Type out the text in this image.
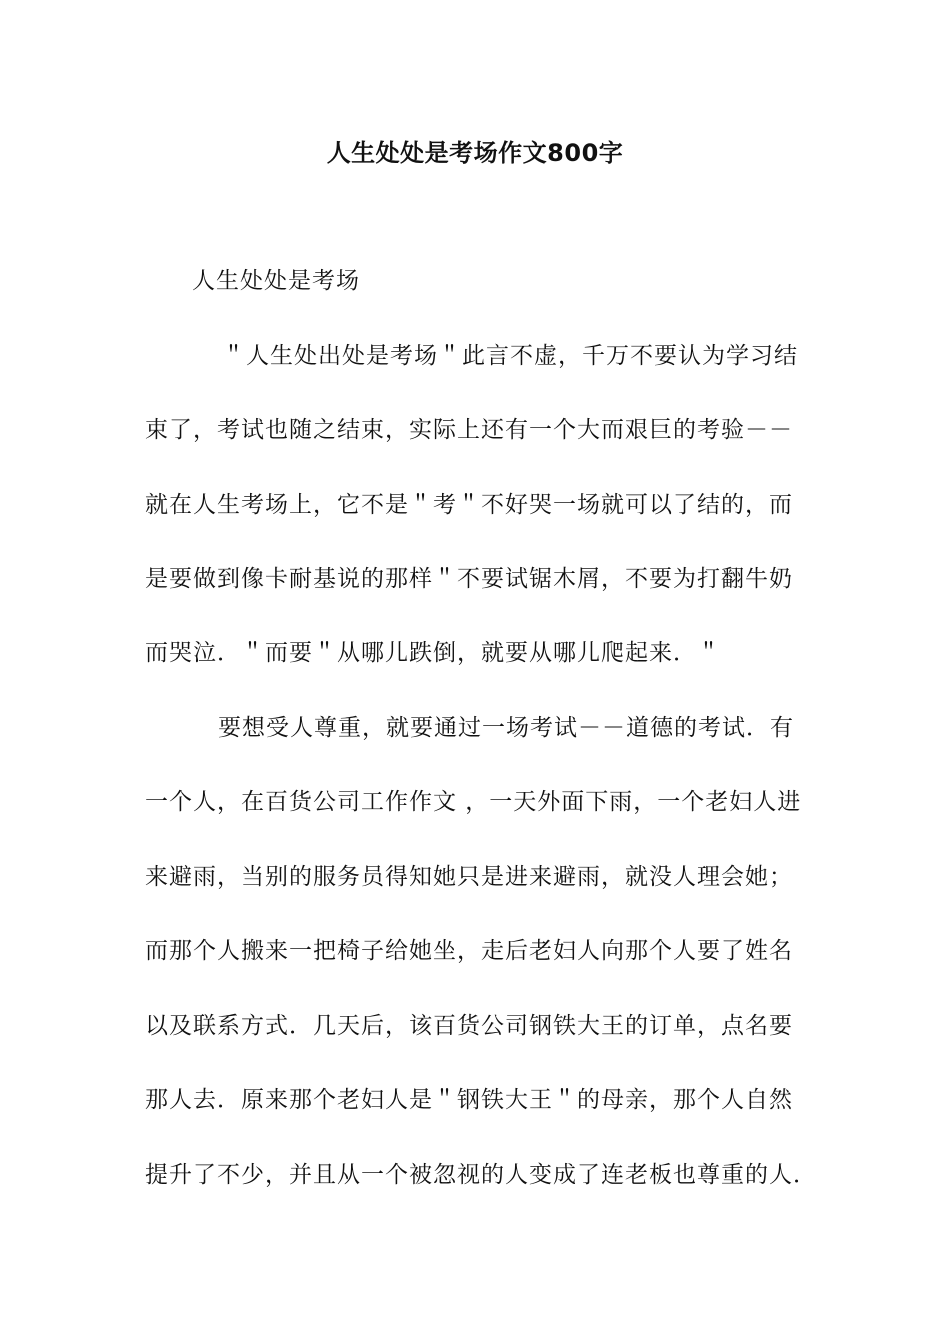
人生处处是考场作文800字
人生处处是考场
＂人生处出处是考场＂此言不虚，千万不要认为学习结
束了，考试也随之结束，实际上还有一个大而艰巨的考验－－
就在人生考场上，它不是＂考＂不好哭一场就可以了结的，而
是要做到像卡耐基说的那样＂不要试锯木屑，不要为打翻牛奶
而哭泣．＂而要＂从哪儿跌倒，就要从哪儿爬起来．＂
要想受人尊重，就要通过一场考试－－道德的考试．有
一个人，在百货公司工作作文 ，一天外面下雨，一个老妇人进
来避雨，当别的服务员得知她只是进来避雨，就没人理会她；
而那个人搬来一把椅子给她坐，走后老妇人向那个人要了姓名
以及联系方式．几天后，该百货公司钢铁大王的订单，点名要
那人去．原来那个老妇人是＂钢铁大王＂的母亲，那个人自然
提升了不少，并且从一个被忽视的人变成了连老板也尊重的人．
